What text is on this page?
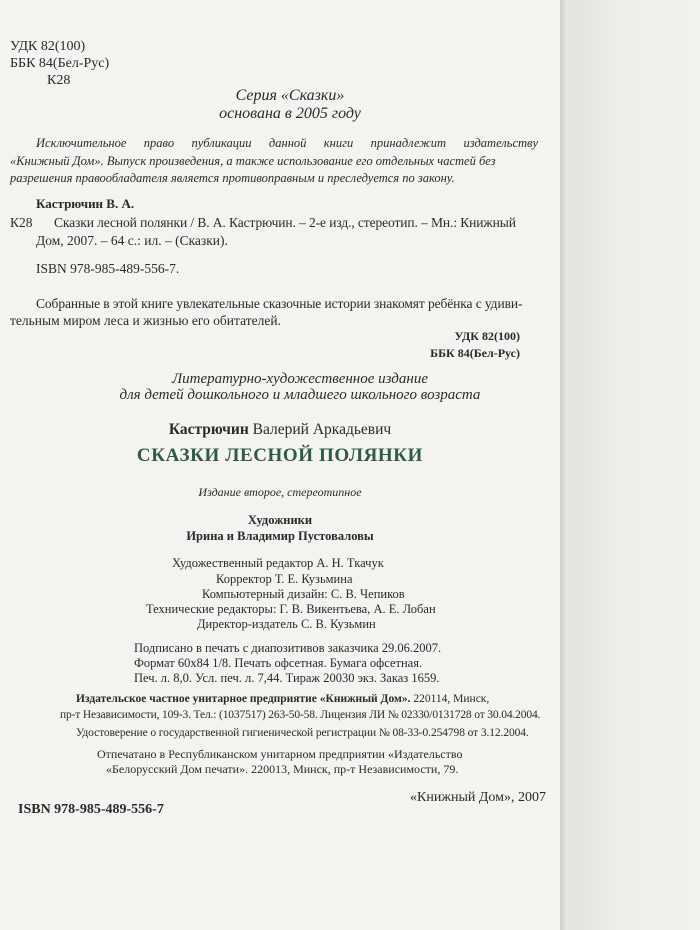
УДК 82(100)
ББК 84(Бел-Рус)
К28
Серия «Сказки»
основана в 2005 году
Исключительное право публикации данной книги принадлежит издательству
«Книжный Дом». Выпуск произведения, а также использование его отдельных частей без
разрешения правообладателя является противоправным и преследуется по закону.
Кастрючин В. А.
К28 Сказки лесной полянки / В. А. Кастрючин. – 2-е изд., стереотип. – Мн.: Книжный
Дом, 2007. – 64 с.: ил. – (Сказки).
ISBN 978-985-489-556-7.
Собранные в этой книге увлекательные сказочные истории знакомят ребёнка с удиви-
тельным миром леса и жизнью его обитателей.
УДК 82(100)
ББК 84(Бел-Рус)
Литературно-художественное издание
для детей дошкольного и младшего школьного возраста
Кастрючин Валерий Аркадьевич
СКАЗКИ ЛЕСНОЙ ПОЛЯНКИ
Издание второе, стереотипное
Художники
Ирина и Владимир Пустоваловы
Художественный редактор А. Н. Ткачук
Корректор Т. Е. Кузьмина
Компьютерный дизайн: С. В. Чепиков
Технические редакторы: Г. В. Викентьева, А. Е. Лобан
Директор-издатель С. В. Кузьмин
Подписано в печать с диапозитивов заказчика 29.06.2007.
Формат 60х84 1/8. Печать офсетная. Бумага офсетная.
Печ. л. 8,0. Усл. печ. л. 7,44. Тираж 20030 экз. Заказ 1659.
Издательское частное унитарное предприятие «Книжный Дом». 220114, Минск,
пр-т Независимости, 109-3. Тел.: (1037517) 263-50-58. Лицензия ЛИ № 02330/0131728 от 30.04.2004.
Удостоверение о государственной гигиенической регистрации № 08-33-0.254798 от 3.12.2004.
Отпечатано в Республиканском унитарном предприятии «Издательство
«Белорусский Дом печати». 220013, Минск, пр-т Независимости, 79.
ISBN 978-985-489-556-7
«Книжный Дом», 2007
